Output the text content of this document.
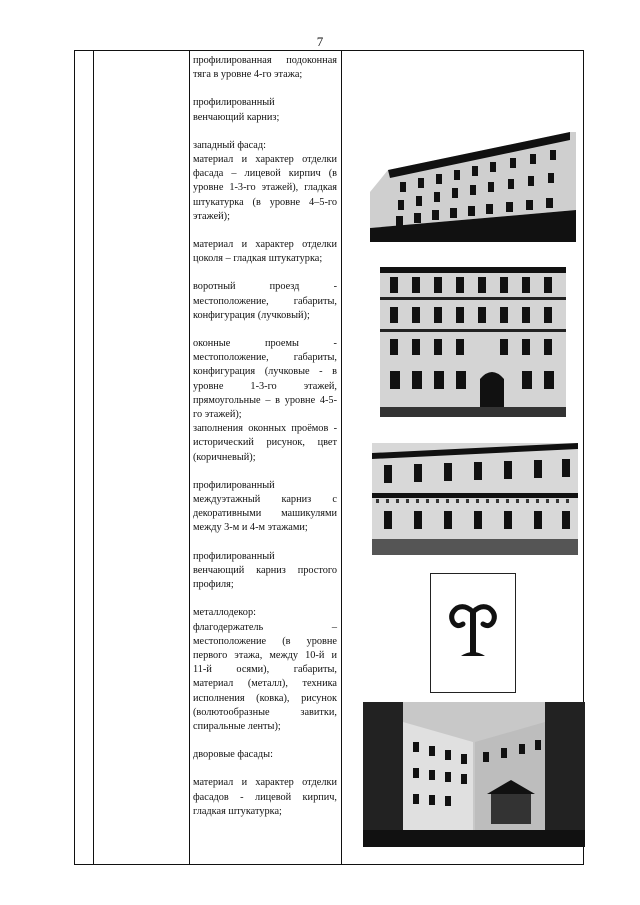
7

профилированная подоконная

тяга в уровне 4-го этажа;

профилированный

венчающий карниз;

западный фасад:

материал и характер отделки

фасада – лицевой кирпич (в

уровне 1-3-го этажей), гладкая

штукатурка (в уровне 4–5-го

этажей);

материал и характер отделки

цоколя – гладкая штукатурка;

воротный проезд -

местоположение, габариты,

конфигурация (лучковый);

оконные проемы -

местоположение, габариты,

конфигурация (лучковые - в

уровне 1-3-го этажей,

прямоугольные – в уровне 4-5-

го этажей);

заполнения оконных проёмов -

исторический рисунок, цвет

(коричневый);

профилированный

междуэтажный карниз с

декоративными машикулями

между 3-м и 4-м этажами;

профилированный

венчающий карниз простого

профиля;

металлодекор:

флагодержатель –

местоположение (в уровне

первого этажа, между 10-й и

11-й осями), габариты,

материал (металл), техника

исполнения (ковка), рисунок

(волютообразные завитки,

спиральные ленты);

дворовые фасады:

материал и характер отделки

фасадов - лицевой кирпич,

гладкая штукатурка;
